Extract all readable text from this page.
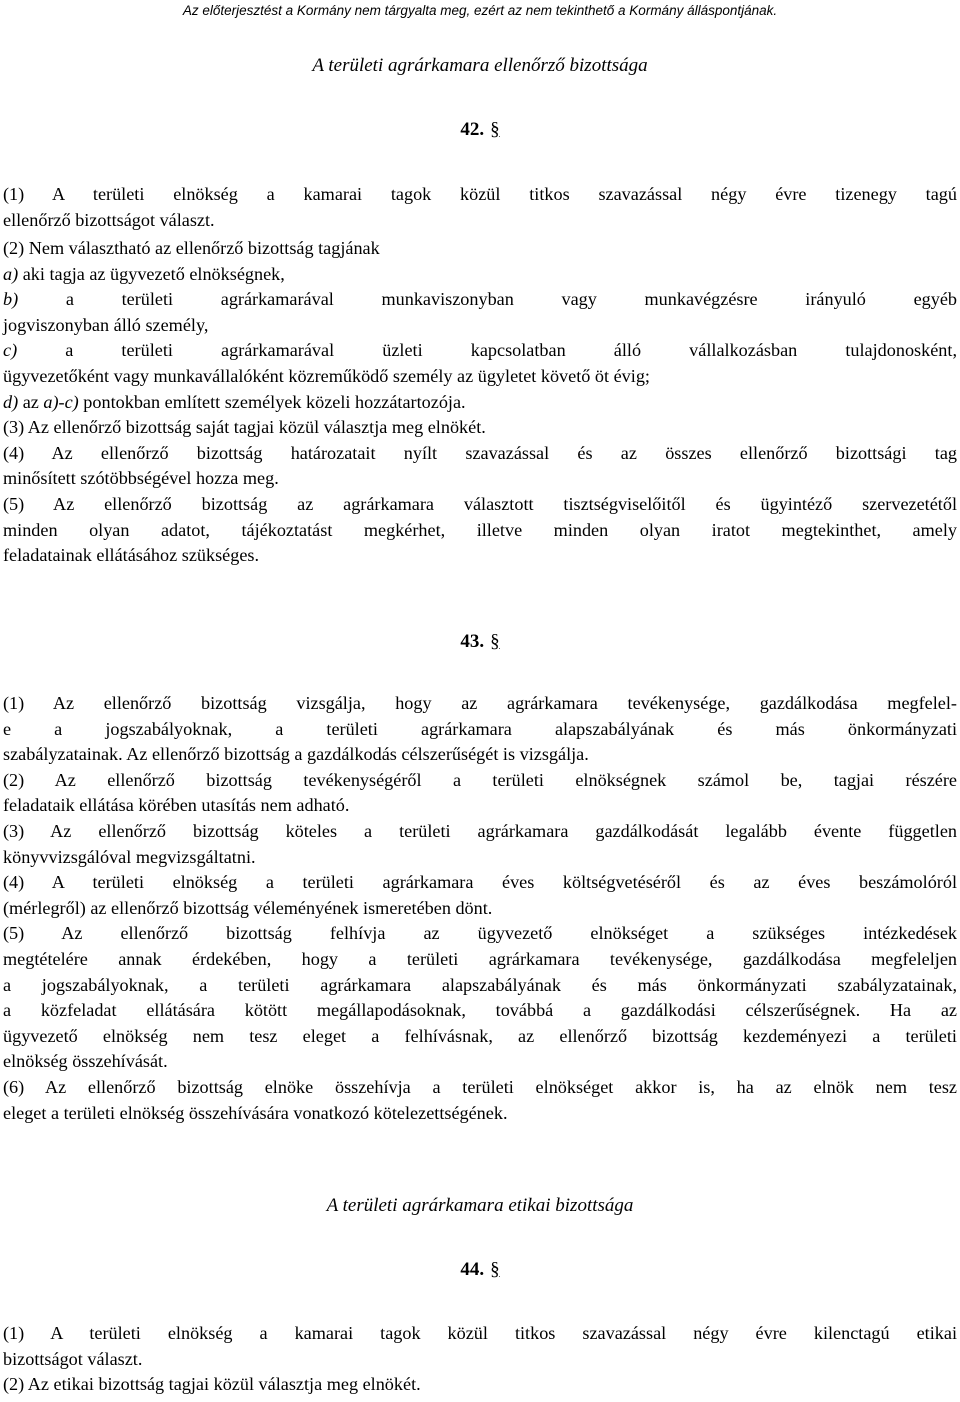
Az előterjesztést a Kormány nem tárgyalta meg, ezért az nem tekinthető a Kormány álláspontjának.
A területi agrárkamara ellenőrző bizottsága
42. §
(1) A területi elnökség a kamarai tagok közül titkos szavazással négy évre tizenegy tagú
ellenőrző bizottságot választ.
(2) Nem választható az ellenőrző bizottság tagjának
a) aki tagja az ügyvezető elnökségnek,
b)	a területi agrárkamarával munkaviszonyban vagy munkavégzésre irányuló egyéb
jogviszonyban álló személy,
c)	a területi agrárkamarával üzleti kapcsolatban álló vállalkozásban tulajdonosként,
ügyvezetőként vagy munkavállalóként közreműködő személy az ügyletet követő öt évig;
d) az a)-c) pontokban említett személyek közeli hozzátartozója.
(3) Az ellenőrző bizottság saját tagjai közül választja meg elnökét.
(4) Az ellenőrző bizottság határozatait nyílt szavazással és az összes ellenőrző bizottsági tag
minősített szótöbbségével hozza meg.
(5) Az ellenőrző bizottság az agrárkamara választott tisztségviselőitől és ügyintéző szervezetétől
minden olyan adatot, tájékoztatást megkérhet, illetve minden olyan iratot megtekinthet, amely
feladatainak ellátásához szükséges.
43. §
(1) Az ellenőrző bizottság vizsgálja, hogy az agrárkamara tevékenysége, gazdálkodása megfelel-
e a jogszabályoknak, a területi agrárkamara alapszabályának és más önkormányzati
szabályzatainak. Az ellenőrző bizottság a gazdálkodás célszerűségét is vizsgálja.
(2) Az ellenőrző bizottság tevékenységéről a területi elnökségnek számol be, tagjai részére
feladataik ellátása körében utasítás nem adható.
(3) Az ellenőrző bizottság köteles a területi agrárkamara gazdálkodását legalább évente független
könyvvizsgálóval megvizsgáltatni.
(4) A területi elnökség a területi agrárkamara éves költségvetéséről és az éves beszámolóról
(mérlegről) az ellenőrző bizottság véleményének ismeretében dönt.
(5) Az ellenőrző bizottság felhívja az ügyvezető elnökséget a szükséges intézkedések
megtételére annak érdekében, hogy a területi agrárkamara tevékenysége, gazdálkodása megfeleljen
a jogszabályoknak, a területi agrárkamara alapszabályának és más önkormányzati szabályzatainak,
a közfeladat ellátására kötött megállapodásoknak, továbbá a gazdálkodási célszerűségnek. Ha az
ügyvezető elnökség nem tesz eleget a felhívásnak, az ellenőrző bizottság kezdeményezi a területi
elnökség összehívását.
(6) Az ellenőrző bizottság elnöke összehívja a területi elnökséget akkor is, ha az elnök nem tesz
eleget a területi elnökség összehívására vonatkozó kötelezettségének.
A területi agrárkamara etikai bizottsága
44. §
(1) A területi elnökség a kamarai tagok közül titkos szavazással négy évre kilenctagú etikai
bizottságot választ.
(2) Az etikai bizottság tagjai közül választja meg elnökét.
